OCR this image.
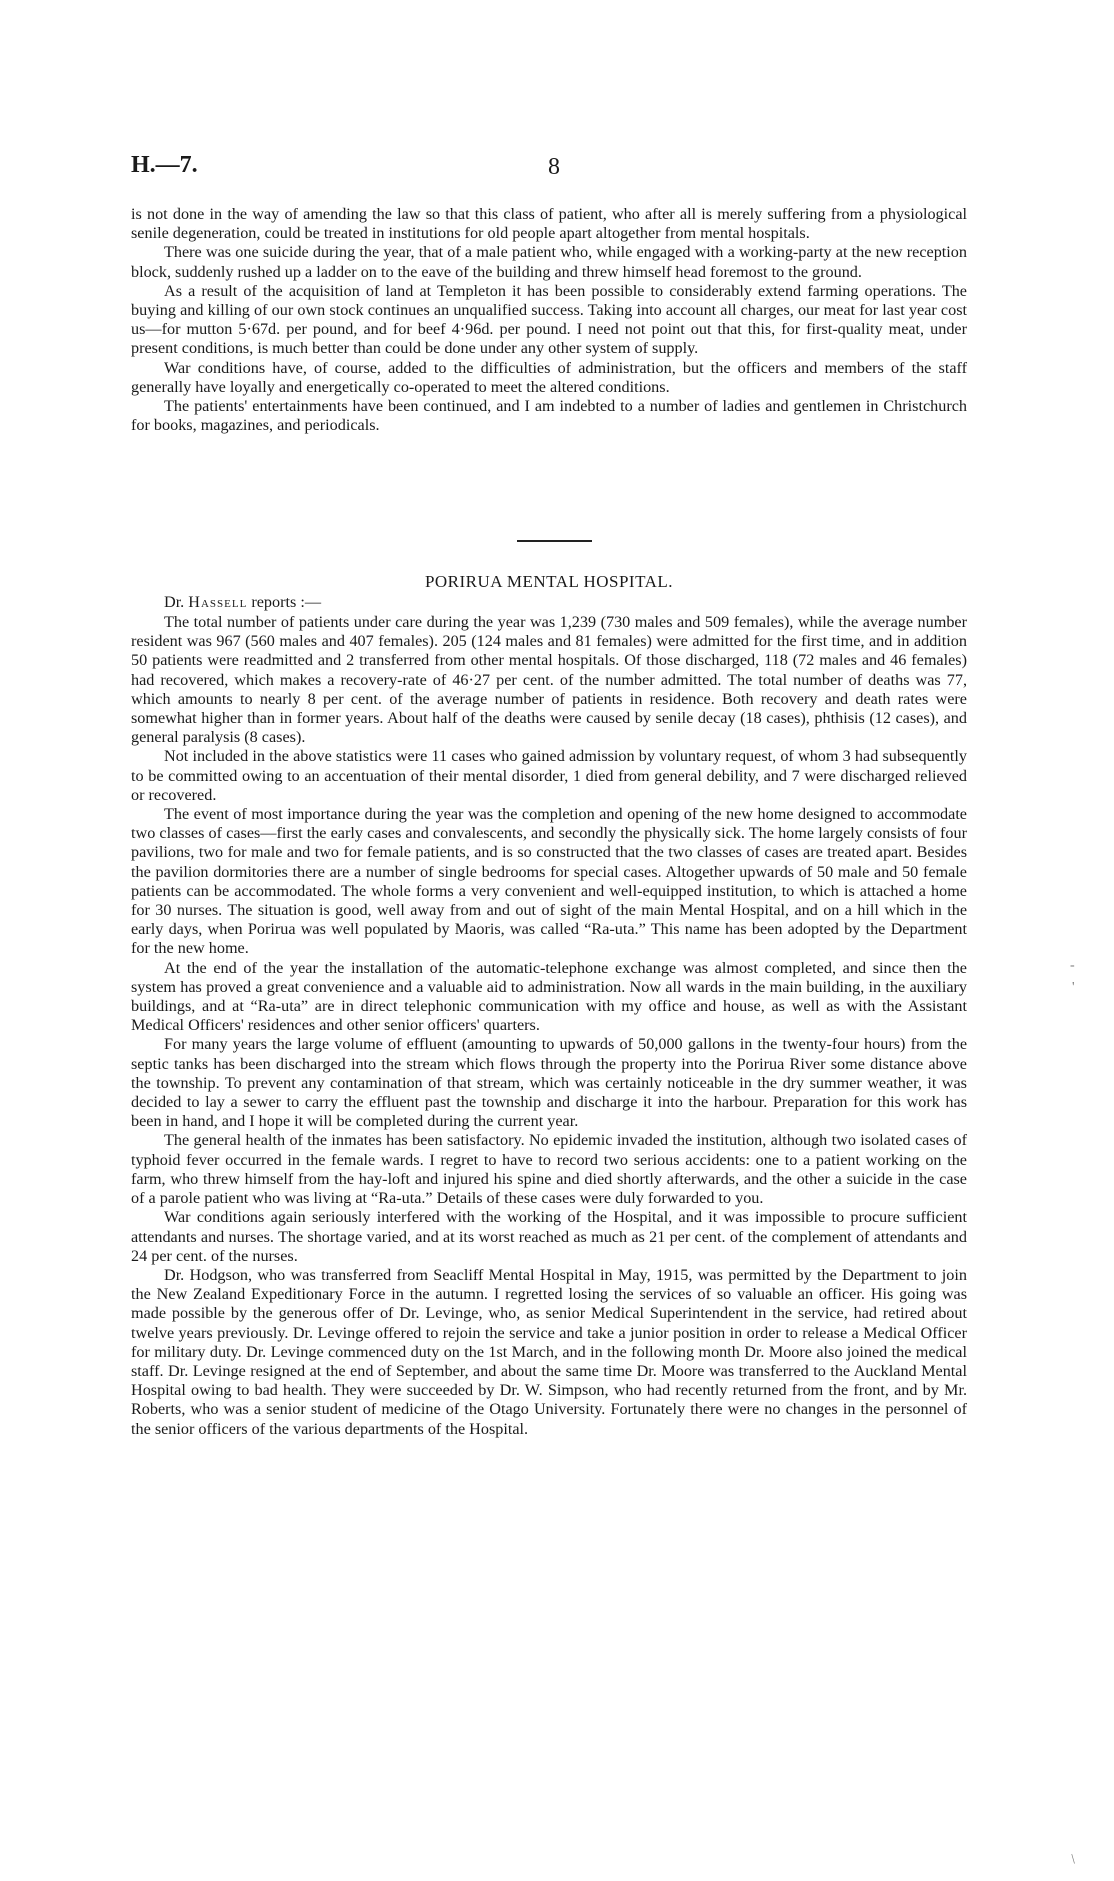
H.—7.	8

is not done in the way of amending the law so that this class of patient, who after all is merely suffering from a physiological senile degeneration, could be treated in institutions for old people apart altogether from mental hospitals.

There was one suicide during the year, that of a male patient who, while engaged with a working-party at the new reception block, suddenly rushed up a ladder on to the eave of the building and threw himself head foremost to the ground.

As a result of the acquisition of land at Templeton it has been possible to considerably extend farming operations. The buying and killing of our own stock continues an unqualified success. Taking into account all charges, our meat for last year cost us—for mutton 5·67d. per pound, and for beef 4·96d. per pound. I need not point out that this, for first-quality meat, under present conditions, is much better than could be done under any other system of supply.

War conditions have, of course, added to the difficulties of administration, but the officers and members of the staff generally have loyally and energetically co-operated to meet the altered conditions.

The patients' entertainments have been continued, and I am indebted to a number of ladies and gentlemen in Christchurch for books, magazines, and periodicals.

PORIRUA MENTAL HOSPITAL.
Dr. Hassell reports :—

The total number of patients under care during the year was 1,239 (730 males and 509 females), while the average number resident was 967 (560 males and 407 females). 205 (124 males and 81 females) were admitted for the first time, and in addition 50 patients were readmitted and 2 transferred from other mental hospitals. Of those discharged, 118 (72 males and 46 females) had recovered, which makes a recovery-rate of 46·27 per cent. of the number admitted. The total number of deaths was 77, which amounts to nearly 8 per cent. of the average number of patients in residence. Both recovery and death rates were somewhat higher than in former years. About half of the deaths were caused by senile decay (18 cases), phthisis (12 cases), and general paralysis (8 cases).

Not included in the above statistics were 11 cases who gained admission by voluntary request, of whom 3 had subsequently to be committed owing to an accentuation of their mental disorder, 1 died from general debility, and 7 were discharged relieved or recovered.

The event of most importance during the year was the completion and opening of the new home designed to accommodate two classes of cases—first the early cases and convalescents, and secondly the physically sick. The home largely consists of four pavilions, two for male and two for female patients, and is so constructed that the two classes of cases are treated apart. Besides the pavilion dormitories there are a number of single bedrooms for special cases. Altogether upwards of 50 male and 50 female patients can be accommodated. The whole forms a very convenient and well-equipped institution, to which is attached a home for 30 nurses. The situation is good, well away from and out of sight of the main Mental Hospital, and on a hill which in the early days, when Porirua was well populated by Maoris, was called “Ra-uta.” This name has been adopted by the Department for the new home.

At the end of the year the installation of the automatic-telephone exchange was almost completed, and since then the system has proved a great convenience and a valuable aid to administration. Now all wards in the main building, in the auxiliary buildings, and at “Ra-uta” are in direct telephonic communication with my office and house, as well as with the Assistant Medical Officers' residences and other senior officers' quarters.

For many years the large volume of effluent (amounting to upwards of 50,000 gallons in the twenty-four hours) from the septic tanks has been discharged into the stream which flows through the property into the Porirua River some distance above the township. To prevent any contamination of that stream, which was certainly noticeable in the dry summer weather, it was decided to lay a sewer to carry the effluent past the township and discharge it into the harbour. Preparation for this work has been in hand, and I hope it will be completed during the current year.

The general health of the inmates has been satisfactory. No epidemic invaded the institution, although two isolated cases of typhoid fever occurred in the female wards. I regret to have to record two serious accidents: one to a patient working on the farm, who threw himself from the hay-loft and injured his spine and died shortly afterwards, and the other a suicide in the case of a parole patient who was living at “Ra-uta.” Details of these cases were duly forwarded to you.

War conditions again seriously interfered with the working of the Hospital, and it was impossible to procure sufficient attendants and nurses. The shortage varied, and at its worst reached as much as 21 per cent. of the complement of attendants and 24 per cent. of the nurses.

Dr. Hodgson, who was transferred from Seacliff Mental Hospital in May, 1915, was permitted by the Department to join the New Zealand Expeditionary Force in the autumn. I regretted losing the services of so valuable an officer. His going was made possible by the generous offer of Dr. Levinge, who, as senior Medical Superintendent in the service, had retired about twelve years previously. Dr. Levinge offered to rejoin the service and take a junior position in order to release a Medical Officer for military duty. Dr. Levinge commenced duty on the 1st March, and in the following month Dr. Moore also joined the medical staff. Dr. Levinge resigned at the end of September, and about the same time Dr. Moore was transferred to the Auckland Mental Hospital owing to bad health. They were succeeded by Dr. W. Simpson, who had recently returned from the front, and by Mr. Roberts, who was a senior student of medicine of the Otago University. Fortunately there were no changes in the personnel of the senior officers of the various departments of the Hospital.

-
'
/
